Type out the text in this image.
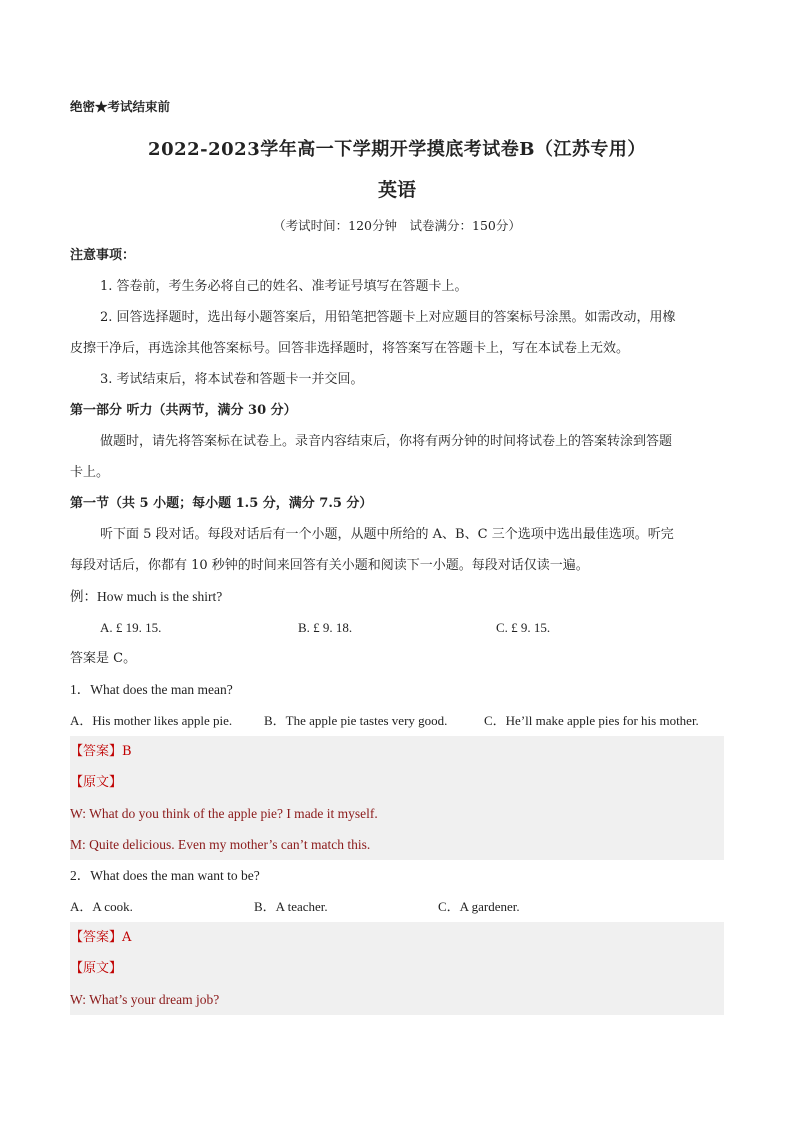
绝密★考试结束前
2022-2023学年高一下学期开学摸底考试卷B（江苏专用）
英语
（考试时间：120分钟　试卷满分：150分）
注意事项：
1. 答卷前，考生务必将自己的姓名、准考证号填写在答题卡上。
2. 回答选择题时，选出每小题答案后，用铅笔把答题卡上对应题目的答案标号涂黑。如需改动，用橡
皮擦干净后，再选涂其他答案标号。回答非选择题时，将答案写在答题卡上，写在本试卷上无效。
3. 考试结束后，将本试卷和答题卡一并交回。
第一部分 听力（共两节，满分 30 分）
做题时，请先将答案标在试卷上。录音内容结束后，你将有两分钟的时间将试卷上的答案转涂到答题
卡上。
第一节（共 5 小题；每小题 1.5 分，满分 7.5 分）
听下面 5 段对话。每段对话后有一个小题，从题中所给的 A、B、C 三个选项中选出最佳选项。听完
每段对话后，你都有 10 秒钟的时间来回答有关小题和阅读下一小题。每段对话仅读一遍。
例：How much is the shirt?
A. £ 19. 15.	B. £ 9. 18.	C. £ 9. 15.
答案是 C。
1．What does the man mean?
A．His mother likes apple pie.	B．The apple pie tastes very good.	C．He’ll make apple pies for his mother.
【答案】B
【原文】
W: What do you think of the apple pie? I made it myself.
M: Quite delicious. Even my mother’s can’t match this.
2．What does the man want to be?
A．A cook.	B．A teacher.	C．A gardener.
【答案】A
【原文】
W: What’s your dream job?
